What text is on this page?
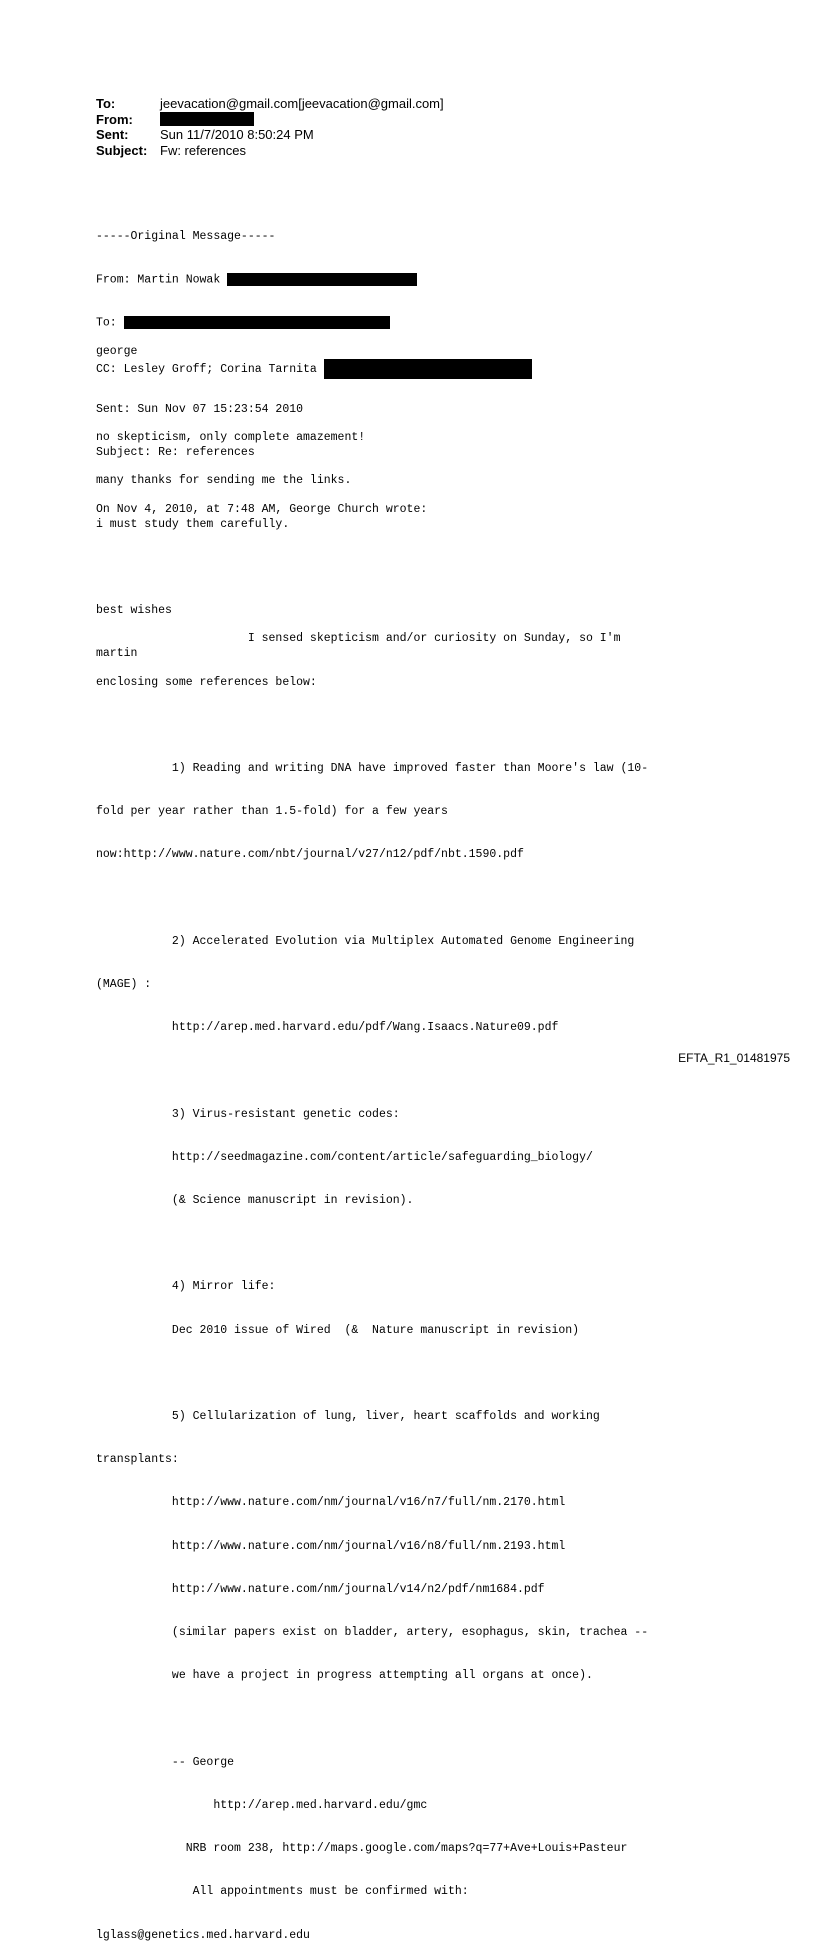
To:	jeevacation@gmail.com[jeevacation@gmail.com]
From:
Sent:	Sun 11/7/2010 8:50:24 PM
Subject: Fw: references

-----Original Message-----

From: Martin Nowak

To:

CC: Lesley Groff; Corina Tarnita

Sent: Sun Nov 07 15:23:54 2010

Subject: Re: references

george

no skepticism, only complete amazement!

many thanks for sending me the links.

i must study them carefully.

best wishes

martin

On Nov 4, 2010, at 7:48 AM, George Church wrote:

I sensed skepticism and/or curiosity on Sunday, so I'm

enclosing some references below:

1) Reading and writing DNA have improved faster than Moore's law (10-

fold per year rather than 1.5-fold) for a few years

now:http://www.nature.com/nbt/journal/v27/n12/pdf/nbt.1590.pdf

2) Accelerated Evolution via Multiplex Automated Genome Engineering

(MAGE) :

http://arep.med.harvard.edu/pdf/Wang.Isaacs.Nature09.pdf

3) Virus-resistant genetic codes:

http://seedmagazine.com/content/article/safeguarding_biology/

(& Science manuscript in revision).

4) Mirror life:

Dec 2010 issue of Wired  (&  Nature manuscript in revision)

5) Cellularization of lung, liver, heart scaffolds and working

transplants:

http://www.nature.com/nm/journal/v16/n7/full/nm.2170.html

http://www.nature.com/nm/journal/v16/n8/full/nm.2193.html

http://www.nature.com/nm/journal/v14/n2/pdf/nm1684.pdf

(similar papers exist on bladder, artery, esophagus, skin, trachea --

we have a project in progress attempting all organs at once).

-- George

http://arep.med.harvard.edu/gmc

NRB room 238, http://maps.google.com/maps?q=77+Ave+Louis+Pasteur

All appointments must be confirmed with:

lglass@genetics.med.harvard.edu

EFTA_R1_01481975
